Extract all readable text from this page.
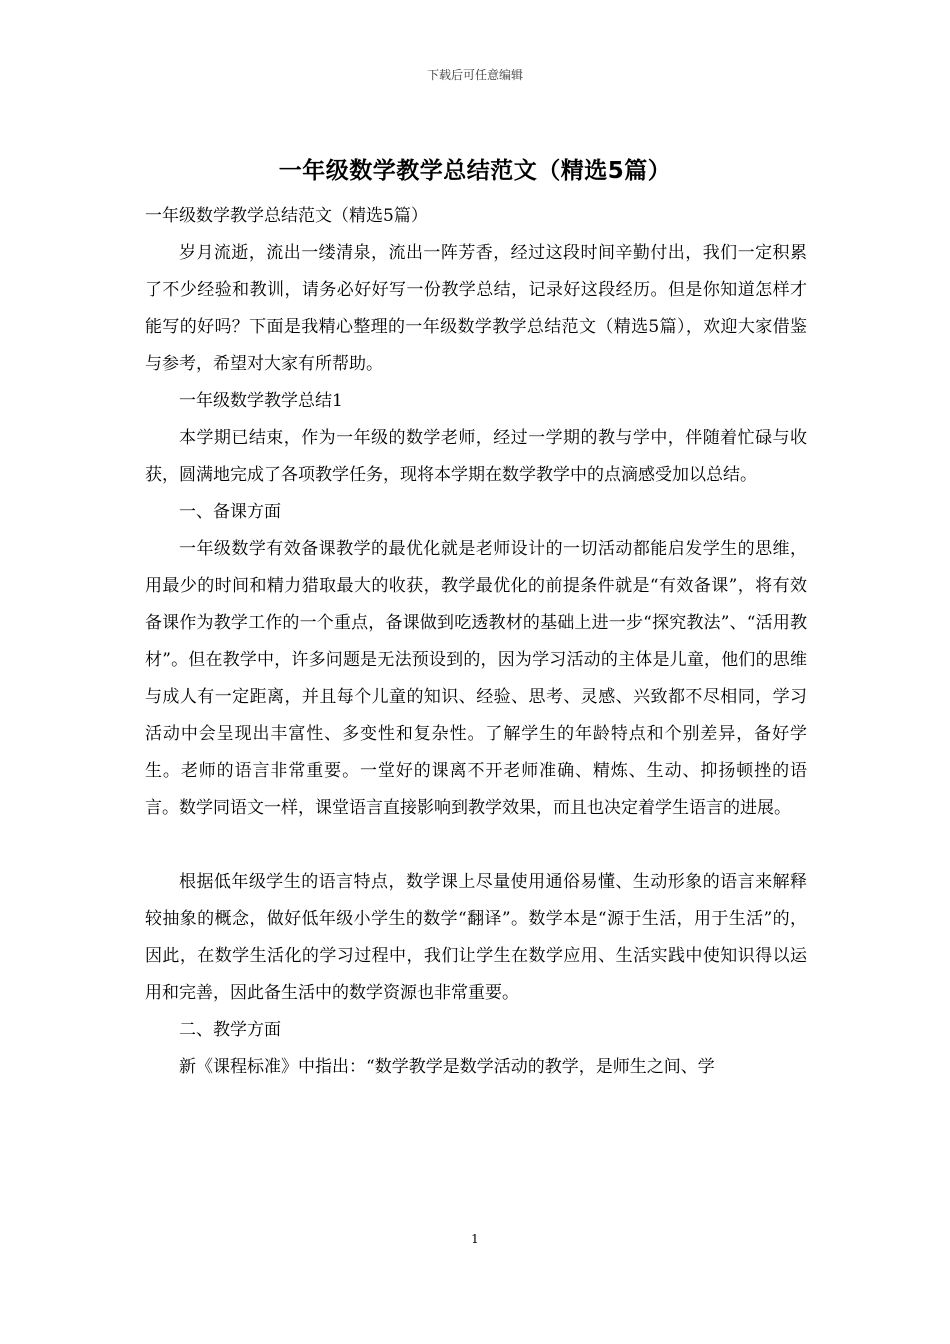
下载后可任意编辑
一年级数学教学总结范文（精选5篇）

一年级数学教学总结范文（精选5篇）

岁月流逝，流出一缕清泉，流出一阵芳香，经过这段时间辛勤付出，我们一定积累了不少经验和教训，请务必好好写一份教学总结，记录好这段经历。但是你知道怎样才能写的好吗？下面是我精心整理的一年级数学教学总结范文（精选5篇），欢迎大家借鉴与参考，希望对大家有所帮助。

一年级数学教学总结1

本学期已结束，作为一年级的数学老师，经过一学期的教与学中，伴随着忙碌与收获，圆满地完成了各项教学任务，现将本学期在数学教学中的点滴感受加以总结。

一、备课方面

一年级数学有效备课教学的最优化就是老师设计的一切活动都能启发学生的思维，用最少的时间和精力猎取最大的收获，教学最优化的前提条件就是“有效备课”，将有效备课作为教学工作的一个重点，备课做到吃透教材的基础上进一步“探究教法”、“活用教材”。但在教学中，许多问题是无法预设到的，因为学习活动的主体是儿童，他们的思维与成人有一定距离，并且每个儿童的知识、经验、思考、灵感、兴致都不尽相同，学习活动中会呈现出丰富性、多变性和复杂性。了解学生的年龄特点和个别差异，备好学生。老师的语言非常重要。一堂好的课离不开老师准确、精炼、生动、抑扬顿挫的语言。数学同语文一样，课堂语言直接影响到教学效果，而且也决定着学生语言的进展。

根据低年级学生的语言特点，数学课上尽量使用通俗易懂、生动形象的语言来解释较抽象的概念，做好低年级小学生的数学“翻译”。数学本是“源于生活，用于生活”的，因此，在数学生活化的学习过程中，我们让学生在数学应用、生活实践中使知识得以运用和完善，因此备生活中的数学资源也非常重要。

二、教学方面

新《课程标准》中指出：“数学教学是数学活动的教学，是师生之间、学

1
